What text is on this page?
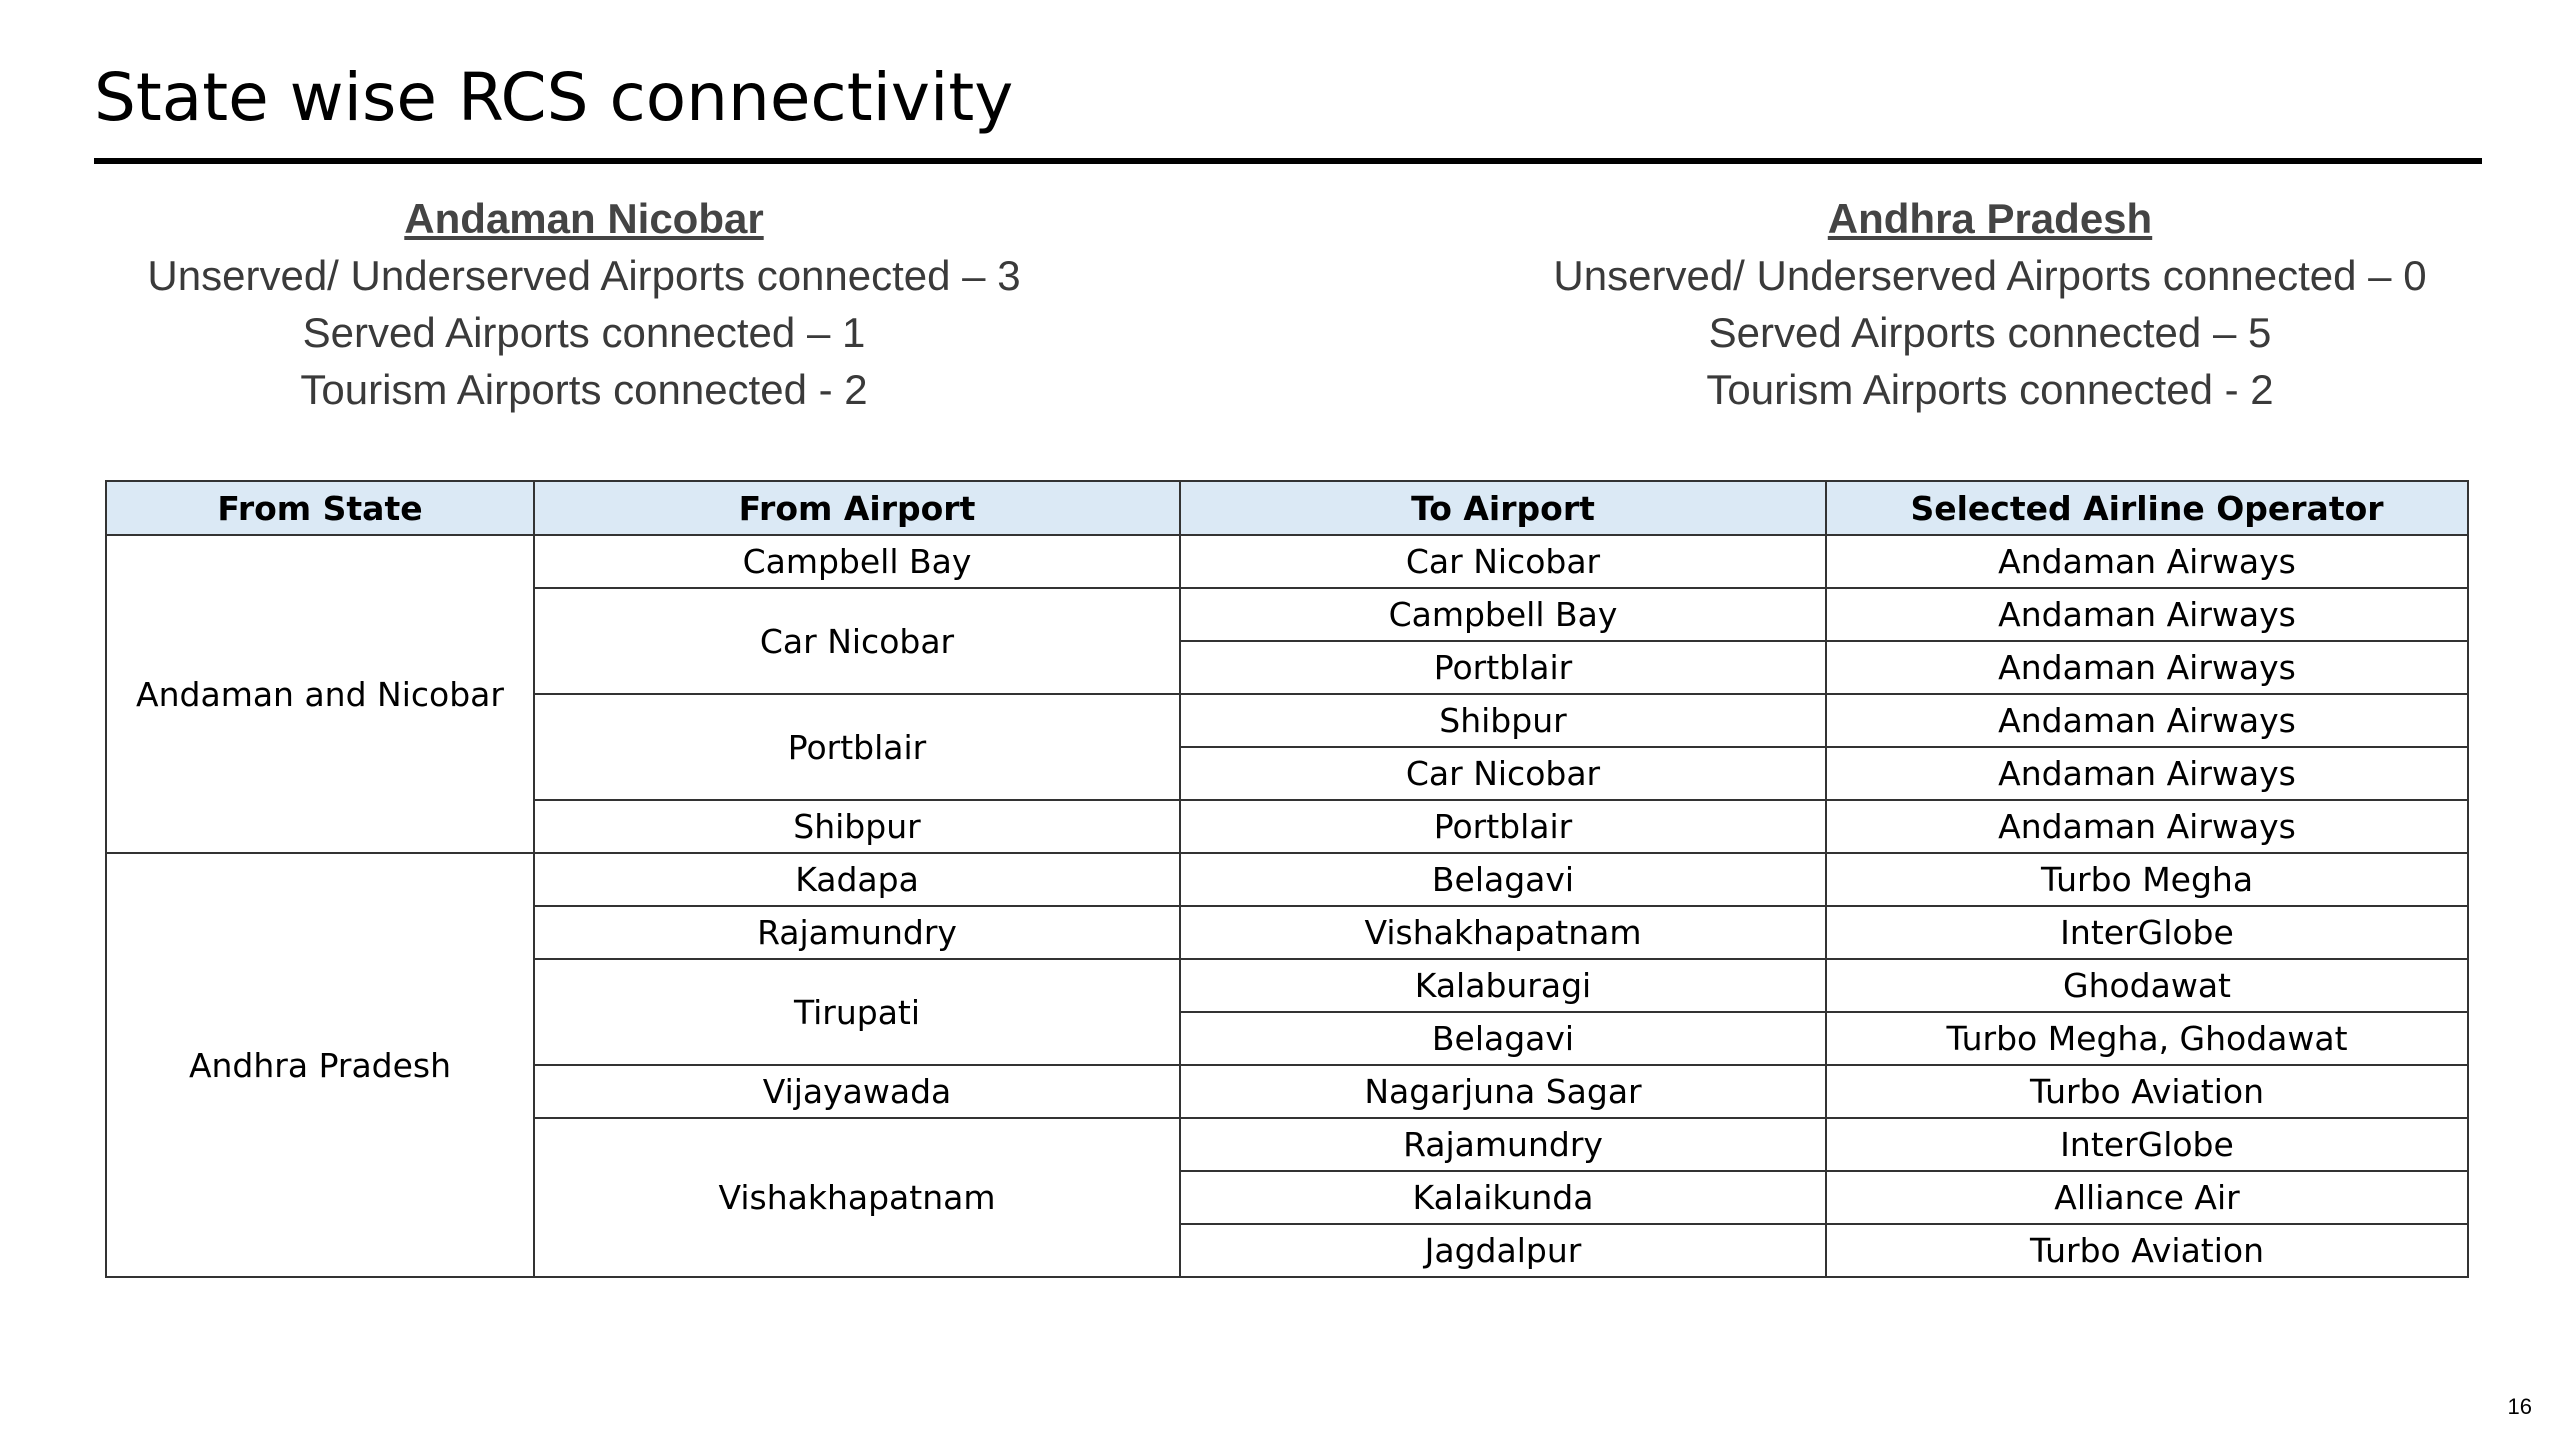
State wise RCS connectivity
Andaman Nicobar
Unserved/ Underserved Airports connected – 3
Served Airports connected – 1
Tourism Airports connected - 2
Andhra Pradesh
Unserved/ Underserved Airports connected – 0
Served Airports connected – 5
Tourism Airports connected - 2
From State	From Airport	To Airport	Selected Airline Operator
Andaman and Nicobar	Campbell Bay	Car Nicobar	Andaman Airways
	Car Nicobar	Campbell Bay	Andaman Airways
		Portblair	Andaman Airways
	Portblair	Shibpur	Andaman Airways
		Car Nicobar	Andaman Airways
	Shibpur	Portblair	Andaman Airways
Andhra Pradesh	Kadapa	Belagavi	Turbo Megha
	Rajamundry	Vishakhapatnam	InterGlobe
	Tirupati	Kalaburagi	Ghodawat
		Belagavi	Turbo Megha, Ghodawat
	Vijayawada	Nagarjuna Sagar	Turbo Aviation
	Vishakhapatnam	Rajamundry	InterGlobe
		Kalaikunda	Alliance Air
		Jagdalpur	Turbo Aviation
16
